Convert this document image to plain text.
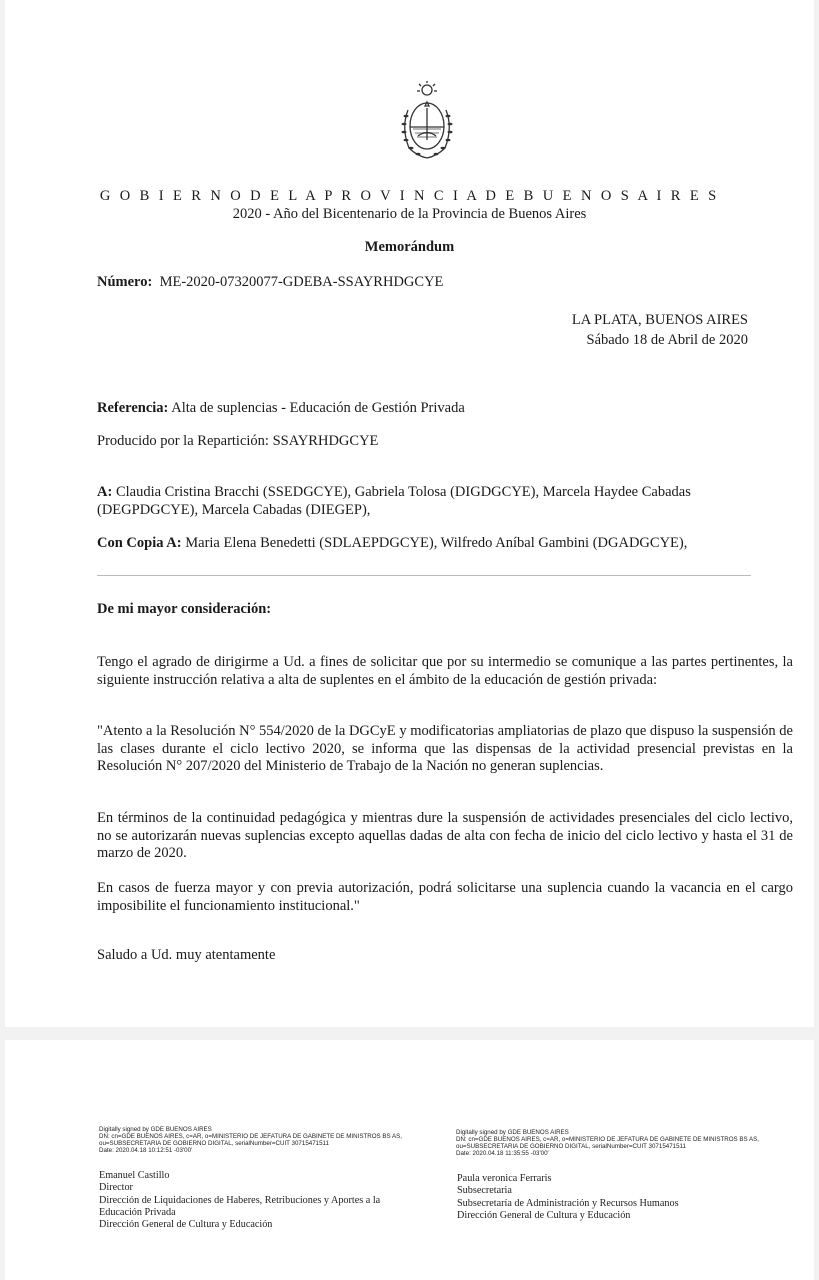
G O B I E R N O D E L A P R O V I N C I A D E B U E N O S A I R E S
2020 - Año del Bicentenario de la Provincia de Buenos Aires
Memorándum
Número: ME-2020-07320077-GDEBA-SSAYRHDGCYE
LA PLATA, BUENOS AIRES
Sábado 18 de Abril de 2020
Referencia: Alta de suplencias - Educación de Gestión Privada
Producido por la Repartición: SSAYRHDGCYE
A: Claudia Cristina Bracchi (SSEDGCYE), Gabriela Tolosa (DIGDGCYE), Marcela Haydee Cabadas
(DEGPDGCYE), Marcela Cabadas (DIEGEP),
Con Copia A: Maria Elena Benedetti (SDLAEPDGCYE), Wilfredo Aníbal Gambini (DGADGCYE),
De mi mayor consideración:
Tengo el agrado de dirigirme a Ud. a fines de solicitar que por su intermedio se comunique a las partes pertinentes, la siguiente instrucción relativa a alta de suplentes en el ámbito de la educación de gestión privada:
"Atento a la Resolución N° 554/2020 de la DGCyE y modificatorias ampliatorias de plazo que dispuso la suspensión de las clases durante el ciclo lectivo 2020, se informa que las dispensas de la actividad presencial previstas en la Resolución N° 207/2020 del Ministerio de Trabajo de la Nación no generan suplencias.
En términos de la continuidad pedagógica y mientras dure la suspensión de actividades presenciales del ciclo lectivo, no se autorizarán nuevas suplencias excepto aquellas dadas de alta con fecha de inicio del ciclo lectivo y hasta el 31 de marzo de 2020.
En casos de fuerza mayor y con previa autorización, podrá solicitarse una suplencia cuando la vacancia en el cargo imposibilite el funcionamiento institucional."
Saludo a Ud. muy atentamente
Digitally signed by GDE BUENOS AIRES
DN: cn=GDE BUENOS AIRES, c=AR, o=MINISTERIO DE JEFATURA DE GABINETE DE MINISTROS BS AS,
ou=SUBSECRETARIA DE GOBIERNO DIGITAL, serialNumber=CUIT 30715471511
Date: 2020.04.18 10:12:51 -03'00'
Emanuel Castillo
Director
Dirección de Liquidaciones de Haberes, Retribuciones y Aportes a la
Educación Privada
Dirección General de Cultura y Educación
Digitally signed by GDE BUENOS AIRES
DN: cn=GDE BUENOS AIRES, c=AR, o=MINISTERIO DE JEFATURA DE GABINETE DE MINISTROS BS AS,
ou=SUBSECRETARIA DE GOBIERNO DIGITAL, serialNumber=CUIT 30715471511
Date: 2020.04.18 11:35:55 -03'00'
Paula veronica Ferraris
Subsecretaria
Subsecretaría de Administración y Recursos Humanos
Dirección General de Cultura y Educación
